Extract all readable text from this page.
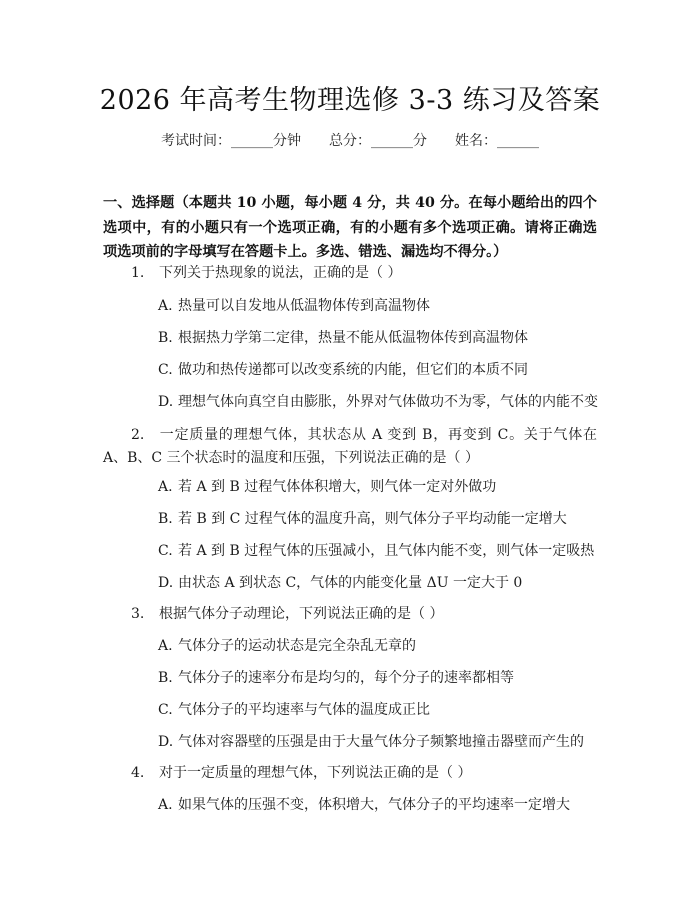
2026 年高考生物理选修 3-3 练习及答案
考试时间：______分钟 总分：______分 姓名：______
一、选择题（本题共 10 小题，每小题 4 分，共 40 分。在每小题给出的四个选项中，有的小题只有一个选项正确，有的小题有多个选项正确。请将正确选项选项前的字母填写在答题卡上。多选、错选、漏选均不得分。）
1. 下列关于热现象的说法，正确的是（ ）
A. 热量可以自发地从低温物体传到高温物体
B. 根据热力学第二定律，热量不能从低温物体传到高温物体
C. 做功和热传递都可以改变系统的内能，但它们的本质不同
D. 理想气体向真空自由膨胀，外界对气体做功不为零，气体的内能不变
2. 一定质量的理想气体，其状态从 A 变到 B，再变到 C。关于气体在 A、B、C 三个状态时的温度和压强，下列说法正确的是（ ）
A. 若 A 到 B 过程气体体积增大，则气体一定对外做功
B. 若 B 到 C 过程气体的温度升高，则气体分子平均动能一定增大
C. 若 A 到 B 过程气体的压强减小，且气体内能不变，则气体一定吸热
D. 由状态 A 到状态 C，气体的内能变化量 ΔU 一定大于 0
3. 根据气体分子动理论，下列说法正确的是（ ）
A. 气体分子的运动状态是完全杂乱无章的
B. 气体分子的速率分布是均匀的，每个分子的速率都相等
C. 气体分子的平均速率与气体的温度成正比
D. 气体对容器壁的压强是由于大量气体分子频繁地撞击器壁而产生的
4. 对于一定质量的理想气体，下列说法正确的是（ ）
A. 如果气体的压强不变，体积增大，气体分子的平均速率一定增大
